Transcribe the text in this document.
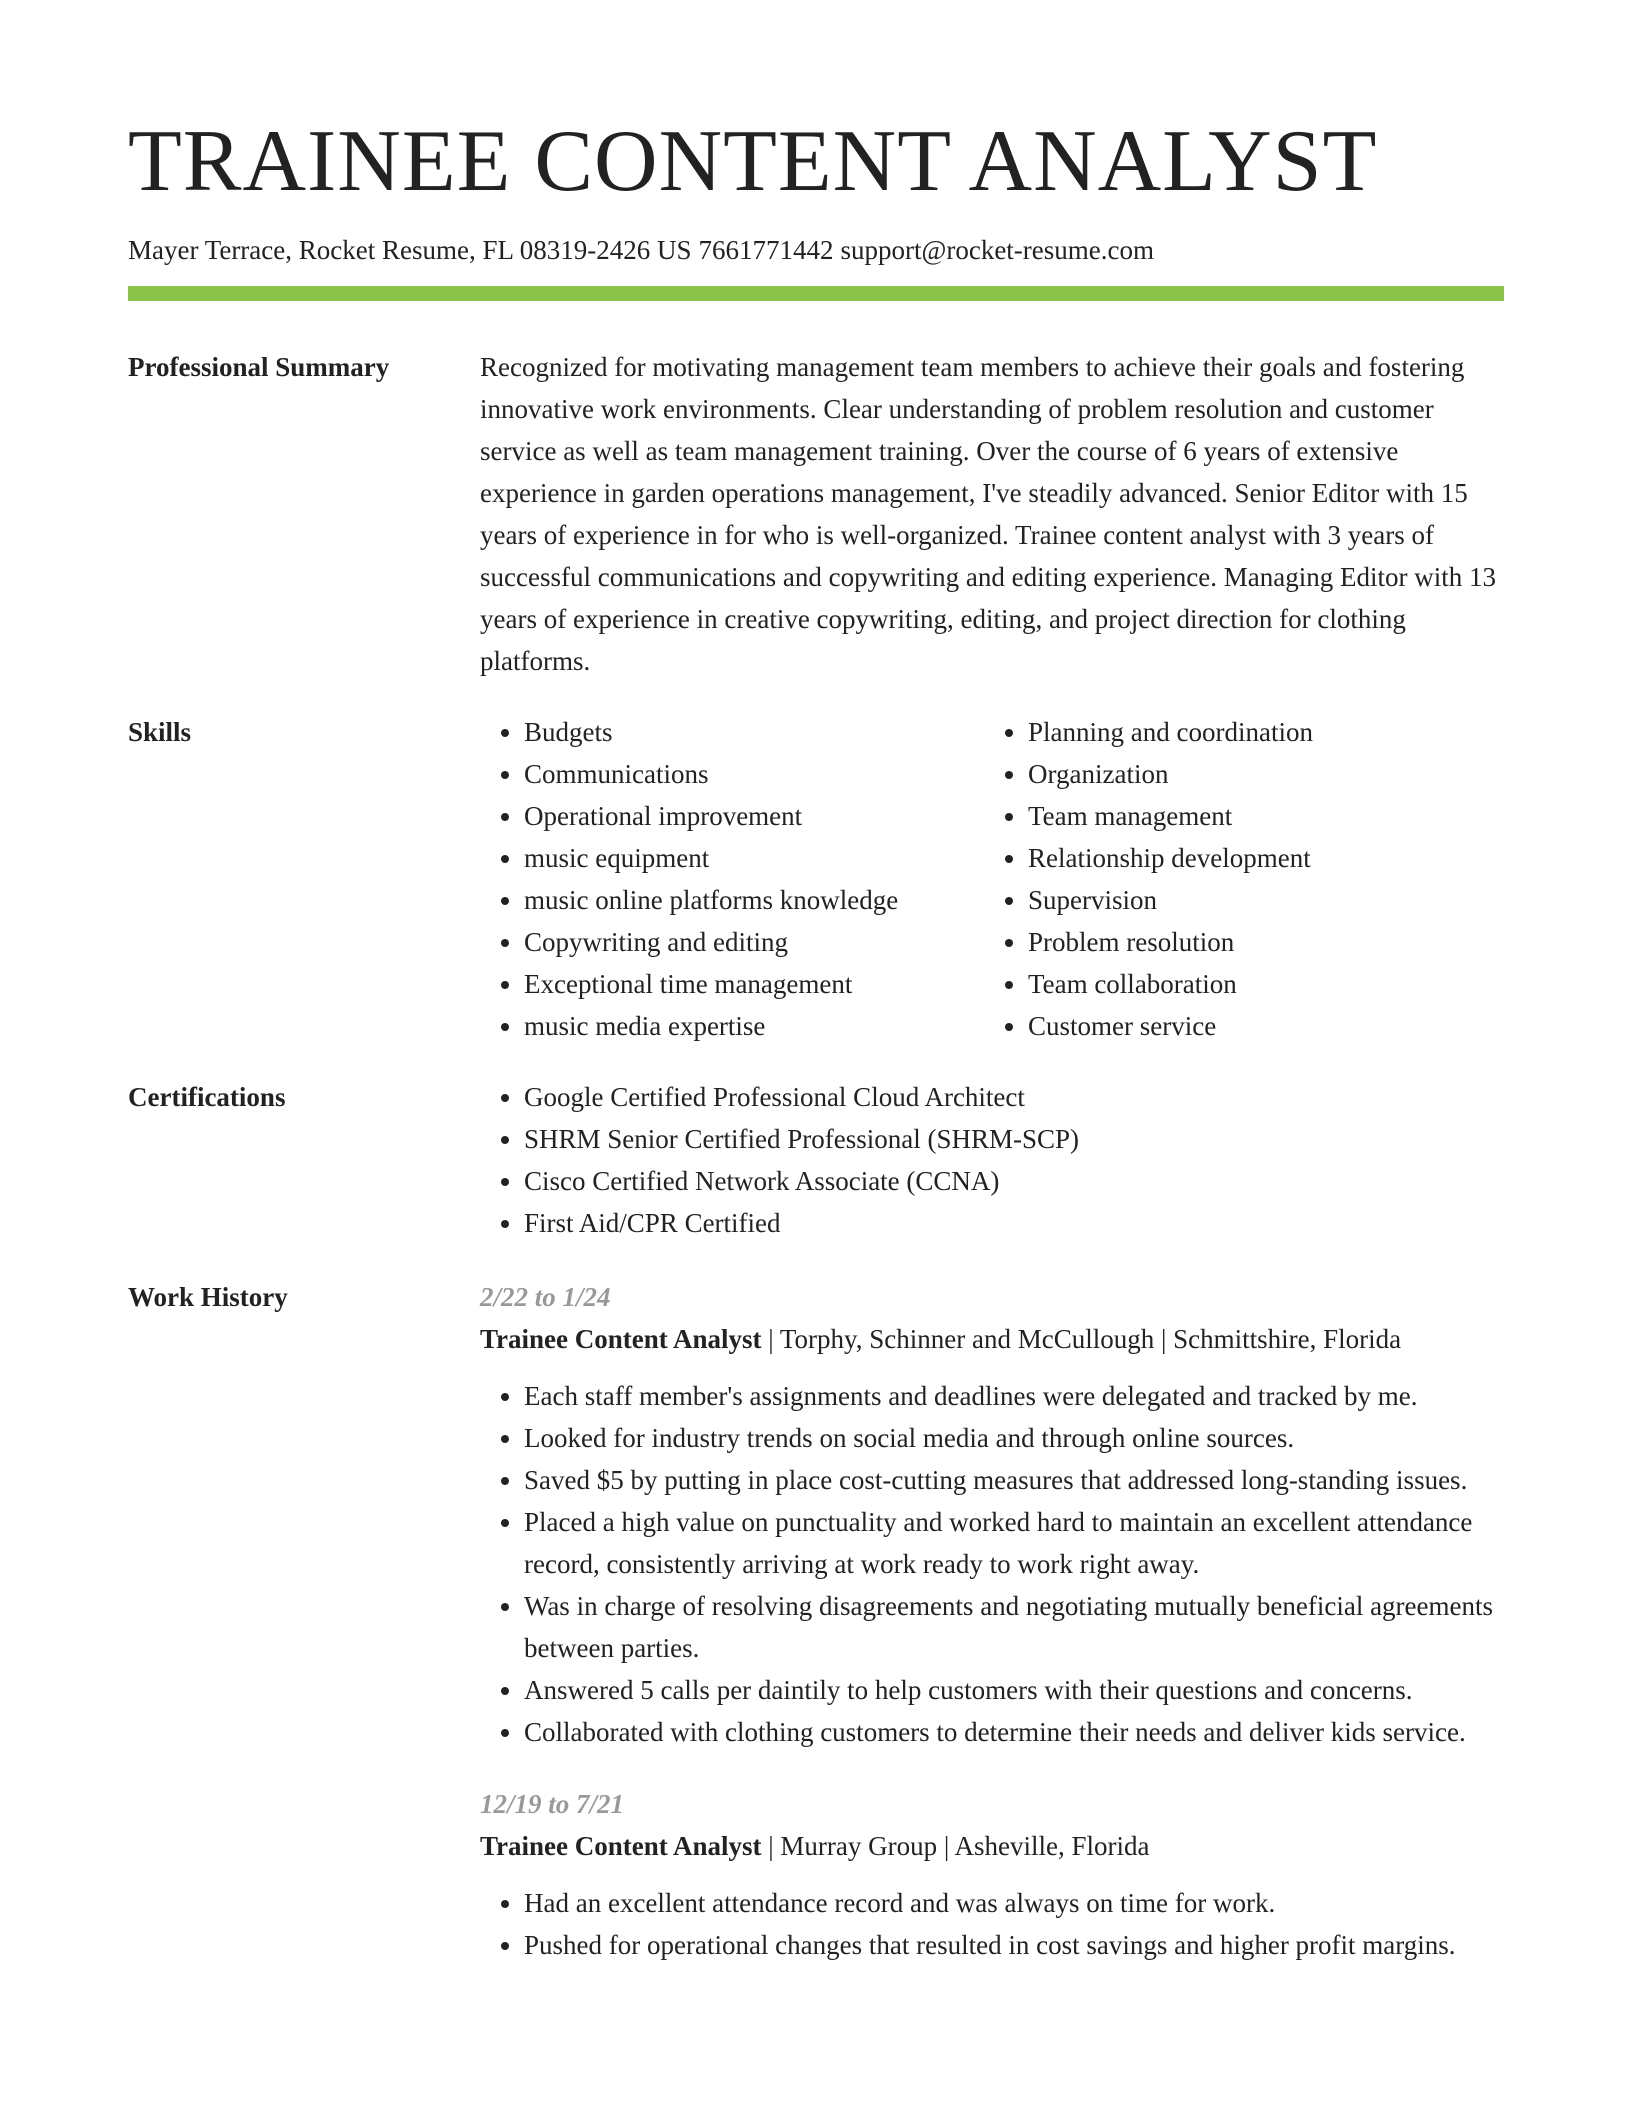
TRAINEE CONTENT ANALYST
Mayer Terrace, Rocket Resume, FL 08319-2426 US 7661771442 support@rocket-resume.com
Professional Summary	Recognized for motivating management team members to achieve their goals and fostering innovative work environments. Clear understanding of problem resolution and customer service as well as team management training. Over the course of 6 years of extensive experience in garden operations management, I've steadily advanced. Senior Editor with 15 years of experience in for who is well-organized. Trainee content analyst with 3 years of successful communications and copywriting and editing experience. Managing Editor with 13 years of experience in creative copywriting, editing, and project direction for clothing platforms.
Skills	• Budgets
• Communications
• Operational improvement
• music equipment
• music online platforms knowledge
• Copywriting and editing
• Exceptional time management
• music media expertise
• Planning and coordination
• Organization
• Team management
• Relationship development
• Supervision
• Problem resolution
• Team collaboration
• Customer service
Certifications	• Google Certified Professional Cloud Architect
• SHRM Senior Certified Professional (SHRM-SCP)
• Cisco Certified Network Associate (CCNA)
• First Aid/CPR Certified
Work History	2/22 to 1/24
Trainee Content Analyst | Torphy, Schinner and McCullough | Schmittshire, Florida
• Each staff member's assignments and deadlines were delegated and tracked by me.
• Looked for industry trends on social media and through online sources.
• Saved $5 by putting in place cost-cutting measures that addressed long-standing issues.
• Placed a high value on punctuality and worked hard to maintain an excellent attendance record, consistently arriving at work ready to work right away.
• Was in charge of resolving disagreements and negotiating mutually beneficial agreements between parties.
• Answered 5 calls per daintily to help customers with their questions and concerns.
• Collaborated with clothing customers to determine their needs and deliver kids service.
12/19 to 7/21
Trainee Content Analyst | Murray Group | Asheville, Florida
• Had an excellent attendance record and was always on time for work.
• Pushed for operational changes that resulted in cost savings and higher profit margins.
